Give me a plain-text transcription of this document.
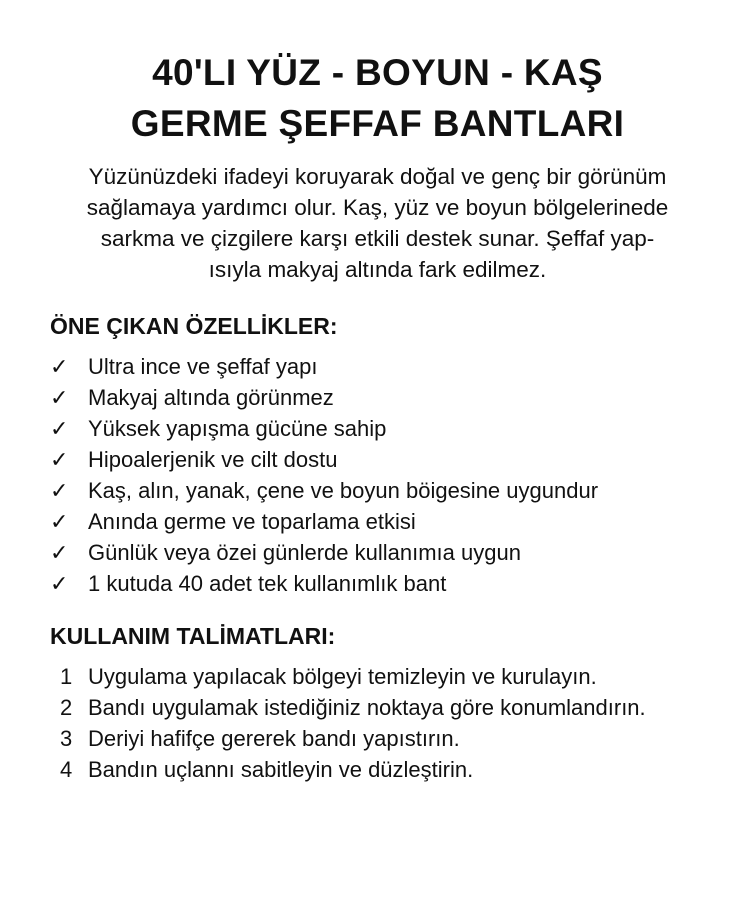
40'LI YÜZ - BOYUN - KAŞ
GERME ŞEFFAF BANTLARI
Yüzünüzdeki ifadeyi koruyarak doğal ve genç bir görünüm
sağlamaya yardımcı olur. Kaş, yüz ve boyun bölgelerinede
sarkma ve çizgilere karşı etkili destek sunar. Şeffaf yap-
ısıyla makyaj altında fark edilmez.
ÖNE ÇIKAN ÖZELLİKLER:
✓ Ultra ince ve şeffaf yapı
✓ Makyaj altında görünmez
✓ Yüksek yapışma gücüne sahip
✓ Hipoalerjenik ve cilt dostu
✓ Kaş, alın, yanak, çene ve boyun böigesine uygundur
✓ Anında germe ve toparlama etkisi
✓ Günlük veya özei günlerde kullanımıa uygun
✓ 1 kutuda 40 adet tek kullanımlık bant
KULLANIM TALİMATLARI:
1 Uygulama yapılacak bölgeyi temizleyin ve kurulayın.
2 Bandı uygulamak istediğiniz noktaya göre konumlandırın.
3 Deriyi hafifçe gererek bandı yapıstırın.
4 Bandın uçlannı sabitleyin ve düzleştirin.
